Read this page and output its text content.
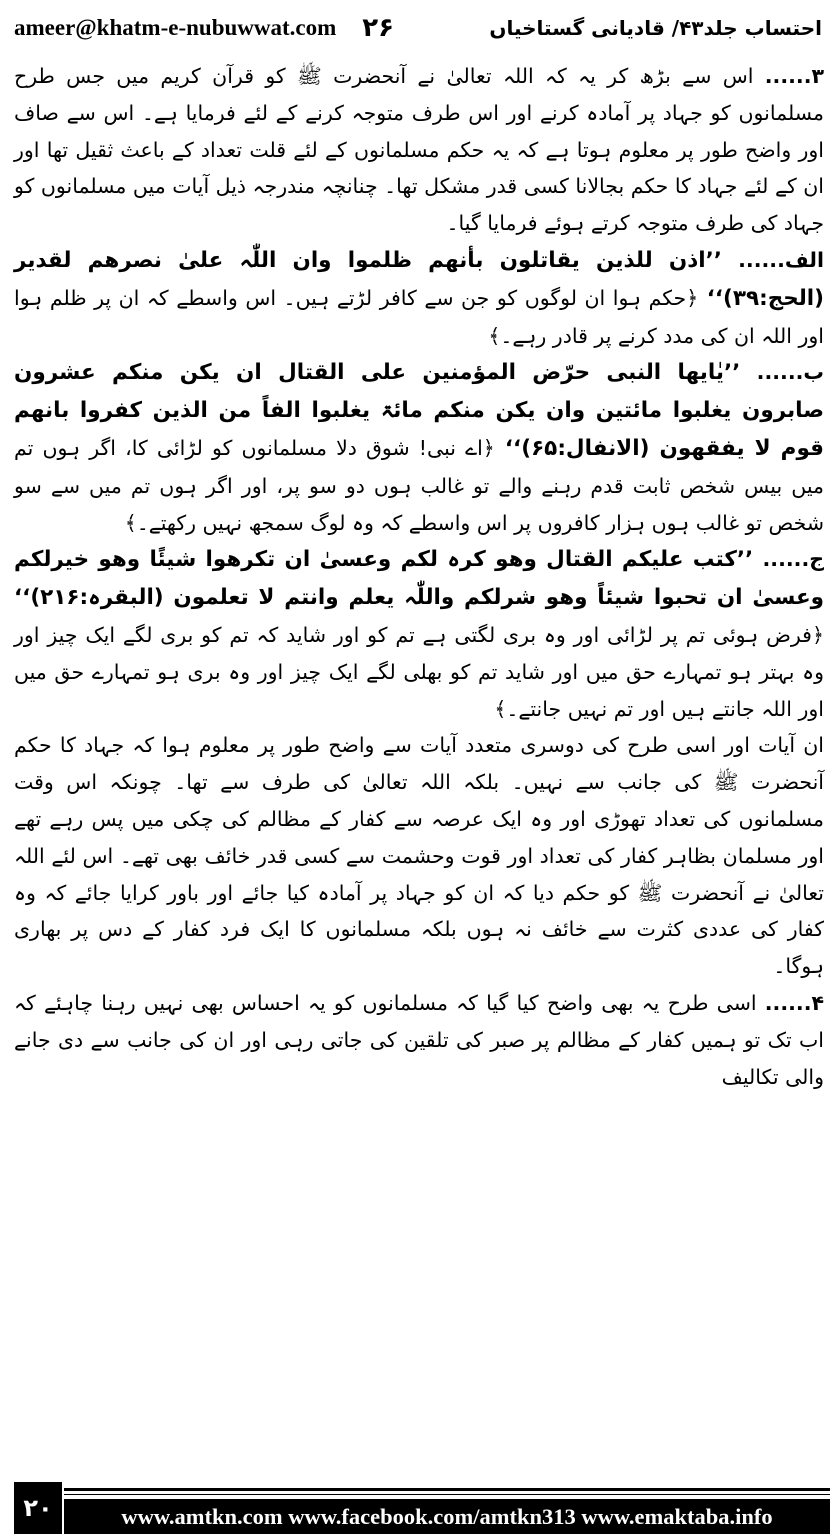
ameer@khatm-e-nubuwwat.com ۲۶	احتساب جلد۴۳/ قادیانی گستاخیاں

۳...... اس سے بڑھ کر یہ کہ اللہ تعالیٰ نے آنحضرت ﷺ کو قرآن کریم میں جس طرح مسلمانوں کو جہاد پر آمادہ کرنے اور اس طرف متوجہ کرنے کے لئے فرمایا ہے۔ اس سے صاف اور واضح طور پر معلوم ہوتا ہے کہ یہ حکم مسلمانوں کے لئے قلت تعداد کے باعث ثقیل تھا اور ان کے لئے جہاد کا حکم بجالانا کسی قدر مشکل تھا۔ چنانچہ مندرجہ ذیل آیات میں مسلمانوں کو جہاد کی طرف متوجہ کرتے ہوئے فرمایا گیا۔

الف...... ’’اذن للذین یقاتلون بأنھم ظلموا وان اللّٰہ علیٰ نصرھم لقدیر (الحج:۳۹)‘‘ ﴿حکم ہوا ان لوگوں کو جن سے کافر لڑتے ہیں۔ اس واسطے کہ ان پر ظلم ہوا اور اللہ ان کی مدد کرنے پر قادر رہے۔﴾

ب...... ’’یٰایھا النبی حرّض المؤمنین علی القتال ان یکن منکم عشرون صابرون یغلبوا مائتین وان یکن منکم مائۃ یغلبوا الفاً من الذین کفروا بانھم قوم لا یفقھون (الانفال:۶۵)‘‘ ﴿اے نبی! شوق دلا مسلمانوں کو لڑائی کا، اگر ہوں تم میں بیس شخص ثابت قدم رہنے والے تو غالب ہوں دو سو پر، اور اگر ہوں تم میں سے سو شخص تو غالب ہوں ہزار کافروں پر اس واسطے کہ وہ لوگ سمجھ نہیں رکھتے۔﴾

ج...... ’’کتب علیکم القتال وھو کرہ لکم وعسیٰ ان تکرھوا شیئًا وھو خیرلکم وعسیٰ ان تحبوا شیئاً وھو شرلکم واللّٰہ یعلم وانتم لا تعلمون (البقرہ:۲۱۶)‘‘ ﴿فرض ہوئی تم پر لڑائی اور وہ بری لگتی ہے تم کو اور شاید کہ تم کو بری لگے ایک چیز اور وہ بہتر ہو تمہارے حق میں اور شاید تم کو بھلی لگے ایک چیز اور وہ بری ہو تمہارے حق میں اور اللہ جانتے ہیں اور تم نہیں جانتے۔﴾

ان آیات اور اسی طرح کی دوسری متعدد آیات سے واضح طور پر معلوم ہوا کہ جہاد کا حکم آنحضرت ﷺ کی جانب سے نہیں۔ بلکہ اللہ تعالیٰ کی طرف سے تھا۔ چونکہ اس وقت مسلمانوں کی تعداد تھوڑی اور وہ ایک عرصہ سے کفار کے مظالم کی چکی میں پس رہے تھے اور مسلمان بظاہر کفار کی تعداد اور قوت وحشمت سے کسی قدر خائف بھی تھے۔ اس لئے اللہ تعالیٰ نے آنحضرت ﷺ کو حکم دیا کہ ان کو جہاد پر آمادہ کیا جائے اور باور کرایا جائے کہ وہ کفار کی عددی کثرت سے خائف نہ ہوں بلکہ مسلمانوں کا ایک فرد کفار کے دس پر بھاری ہوگا۔

۴...... اسی طرح یہ بھی واضح کیا گیا کہ مسلمانوں کو یہ احساس بھی نہیں رہنا چاہئے کہ اب تک تو ہمیں کفار کے مظالم پر صبر کی تلقین کی جاتی رہی اور ان کی جانب سے دی جانے والی تکالیف

۲۰	www.amtkn.com www.facebook.com/amtkn313 www.emaktaba.info
